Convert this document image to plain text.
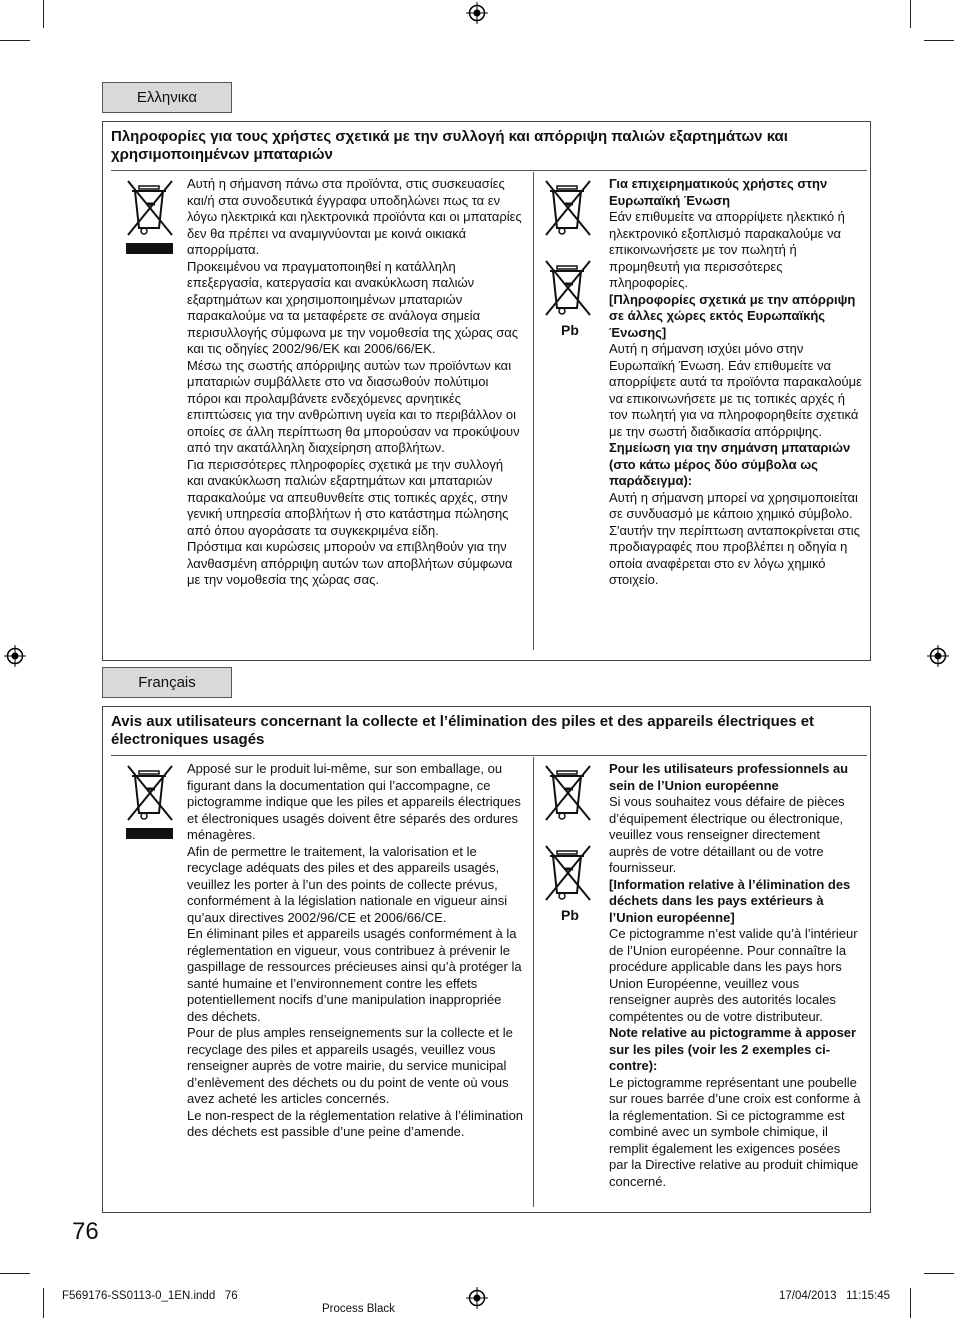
Ελληνικα
Πληροφορίες για τους χρήστες σχετικά με την συλλογή και απόρριψη παλιών εξαρτημάτων και χρησιμοποιημένων μπαταριών

Αυτή η σήμανση πάνω στα προϊόντα, στις συσκευασίες και/ή στα συνοδευτικά έγγραφα υποδηλώνει πως τα εν λόγω ηλεκτρικά και ηλεκτρονικά προϊόντα και οι μπαταρίες δεν θα πρέπει να αναμιγνύονται με κοινά οικιακά απορρίματα.

Προκειμένου να πραγματοποιηθεί η κατάλληλη επεξεργασία, κατεργασία και ανακύκλωση παλιών εξαρτημάτων και χρησιμοποιημένων μπαταριών παρακαλούμε να τα μεταφέρετε σε ανάλογα σημεία περισυλλογής σύμφωνα με την νομοθεσία της χώρας σας και τις οδηγίες 2002/96/ΕΚ και 2006/66/ΕΚ.

Μέσω της σωστής απόρριψης αυτών των προϊόντων και μπαταριών συμβάλλετε στο να διασωθούν πολύτιμοι πόροι και προλαμβάνετε ενδεχόμενες αρνητικές επιπτώσεις για την ανθρώπινη υγεία και το περιβάλλον οι οποίες σε άλλη περίπτωση θα μπορούσαν να προκύψουν από την ακατάλληλη διαχείρηση αποβλήτων.

Για περισσότερες πληροφορίες σχετικά με την συλλογή και ανακύκλωση παλιών εξαρτημάτων και μπαταριών παρακαλούμε να απευθυνθείτε στις τοπικές αρχές, στην γενική υπηρεσία αποβλήτων ή στο κατάστημα πώλησης από όπου αγοράσατε τα συγκεκριμένα είδη.

Πρόστιμα και κυρώσεις μπορούν να επιβληθούν για την λανθασμένη απόρριψη αυτών των αποβλήτων σύμφωνα με την νομοθεσία της χώρας σας.

Pb

Για επιχειρηματικούς χρήστες στην Ευρωπαϊκή Ένωση

Εάν επιθυμείτε να απορρίψετε ηλεκτικό ή ηλεκτρονικό εξοπλισμό παρακαλούμε να επικοινωνήσετε με τον πωλητή ή προμηθευτή για περισσότερες πληροφορίες.

[Πληροφορίες σχετικά με την απόρριψη σε άλλες χώρες εκτός Ευρωπαϊκής Ένωσης]

Αυτή η σήμανση ισχύει μόνο στην Ευρωπαϊκή Ένωση. Εάν επιθυμείτε να απορρίψετε αυτά τα προϊόντα παρακαλούμε να επικοινωνήσετε με τις τοπικές αρχές ή τον πωλητή για να πληροφορηθείτε σχετικά με την σωστή διαδικασία απόρριψης.

Σημείωση για την σημάνση μπαταριών (στο κάτω μέρος δύο σύμβολα ως παράδειγμα):

Αυτή η σήμανση μπορεί να χρησιμοποιείται σε συνδυασμό με κάποιο χημικό σύμβολο. Σ'αυτήν την περίπτωση ανταποκρίνεται στις προδιαγραφές που προβλέπει η οδηγία η οποία αναφέρεται στο εν λόγω χημικό στοιχείο.

Français
Avis aux utilisateurs concernant la collecte et l’élimination des piles et des appareils électriques et électroniques usagés

Apposé sur le produit lui-même, sur son emballage, ou figurant dans la documentation qui l’accompagne, ce pictogramme indique que les piles et appareils électriques et électroniques usagés doivent être séparés des ordures ménagères.

Afin de permettre le traitement, la valorisation et le recyclage adéquats des piles et des appareils usagés, veuillez les porter à l’un des points de collecte prévus, conformément à la législation nationale en vigueur ainsi qu’aux directives 2002/96/CE et 2006/66/CE.

En éliminant piles et appareils usagés conformément à la réglementation en vigueur, vous contribuez à prévenir le gaspillage de ressources précieuses ainsi qu’à protéger la santé humaine et l’environnement contre les effets potentiellement nocifs d’une manipulation inappropriée des déchets.

Pour de plus amples renseignements sur la collecte et le recyclage des piles et appareils usagés, veuillez vous renseigner auprès de votre mairie, du service municipal d’enlèvement des déchets ou du point de vente où vous avez acheté les articles concernés.

Le non-respect de la réglementation relative à l’élimination des déchets est passible d’une peine d’amende.

Pb

Pour les utilisateurs professionnels au sein de l’Union européenne

Si vous souhaitez vous défaire de pièces d’équipement électrique ou électronique, veuillez vous renseigner directement auprès de votre détaillant ou de votre fournisseur.

[Information relative à l’élimination des déchets dans les pays extérieurs à l’Union européenne]

Ce pictogramme n’est valide qu’à l’intérieur de l’Union européenne. Pour connaître la procédure applicable dans les pays hors Union Européenne, veuillez vous renseigner auprès des autorités locales compétentes ou de votre distributeur.

Note relative au pictogramme à apposer sur les piles (voir les 2 exemples ci-contre):

Le pictogramme représentant une poubelle sur roues barrée d’une croix est conforme à la réglementation. Si ce pictogramme est combiné avec un symbole chimique, il remplit également les exigences posées par la Directive relative au produit chimique concerné.

76
F569176-SS0113-0_1EN.indd   76
Process Black
17/04/2013   11:15:45
